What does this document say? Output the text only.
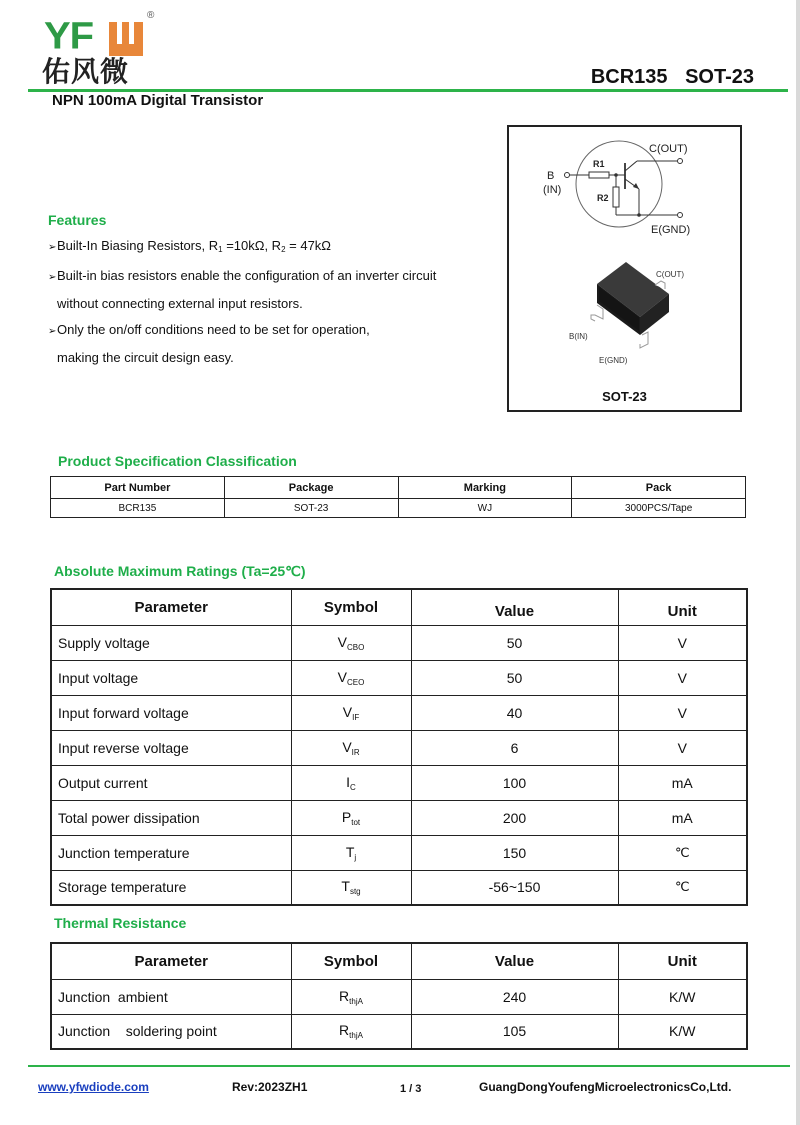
YF	®
佑风微	BCR135 SOT-23
NPN 100mA Digital Transistor
Features
➢Built-In Biasing Resistors, $R_1 =10k\Omega$, $R_2 = 47k\Omega$
➢Built-in bias resistors enable the configuration of an inverter circuit
without connecting external input resistors.
➢Only the on/off conditions need to be set for operation,
making the circuit design easy.
C(OUT)
B
(IN)
R1
R2
E(GND)
C(OUT)
B(IN)
E(GND)
SOT-23
Product Specification Classification
Part Number	Package	Marking	Pack
BCR135	SOT-23	WJ	3000PCS/Tape
Absolute Maximum Ratings (Ta=25℃)
Parameter	Symbol	Value	Unit
Supply voltage	$V_{CBO}$	50	V
Input voltage	$V_{CEO}$	50	V
Input forward voltage	$V_{IF}$	40	V
Input reverse voltage	$V_{IR}$	6	V
Output current	$I_C$	100	mA
Total power dissipation	$P_{tot}$	200	mA
Junction temperature	$T_j$	150	℃
Storage temperature	$T_{stg}$	-56~150	℃
Thermal Resistance
Parameter	Symbol	Value	Unit
Junction  ambient	$R_{thjA}$	240	K/W
Junction    soldering point	$R_{thjA}$	105	K/W
www.yfwdiode.com	Rev:2023ZH1	1 / 3	GuangDongYoufengMicroelectronicsCo,Ltd.
